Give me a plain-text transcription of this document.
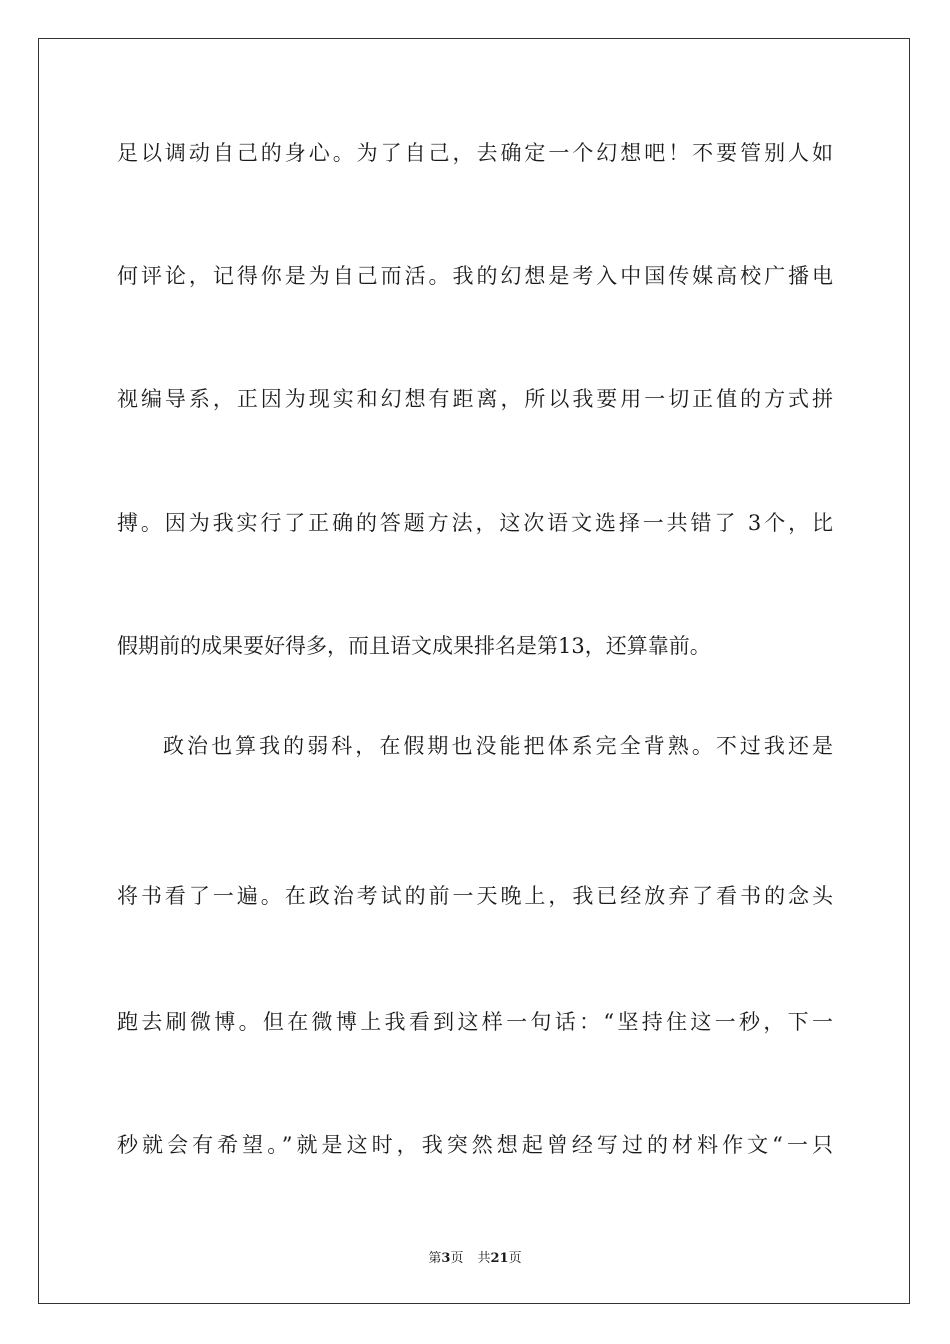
足以调动自己的身心。为了自己，去确定一个幻想吧！不要管别人如
何评论，记得你是为自己而活。我的幻想是考入中国传媒高校广播电
视编导系，正因为现实和幻想有距离，所以我要用一切正值的方式拼
搏。因为我实行了正确的答题方法，这次语文选择一共错了 3个，比
假期前的成果要好得多，而且语文成果排名是第13，还算靠前。
政治也算我的弱科，在假期也没能把体系完全背熟。不过我还是
将书看了一遍。在政治考试的前一天晚上，我已经放弃了看书的念头
跑去刷微博。但在微博上我看到这样一句话：“坚持住这一秒，下一
秒就会有希望。”就是这时，我突然想起曾经写过的材料作文“一只
第3页 共21页
